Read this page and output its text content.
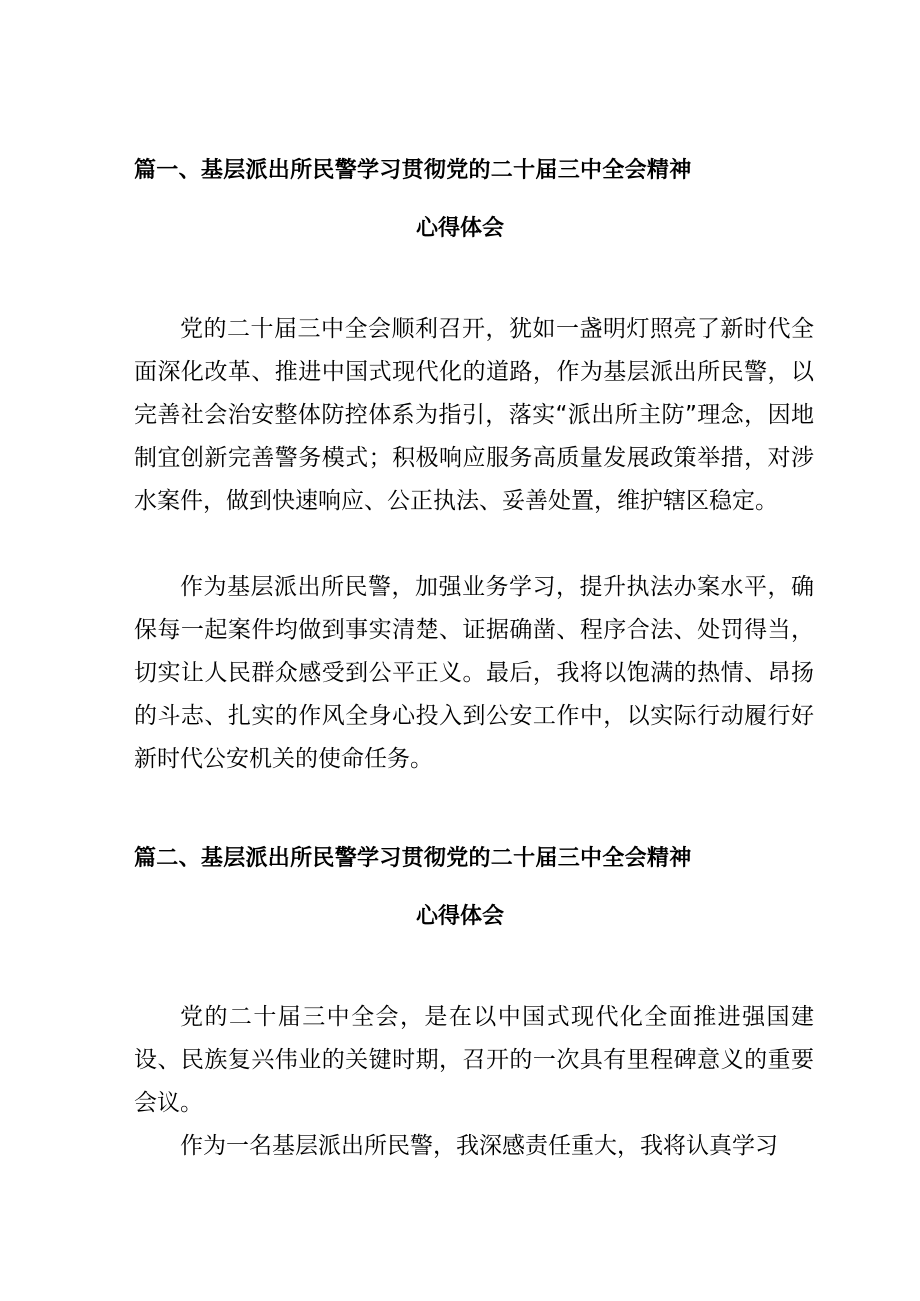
篇一、基层派出所民警学习贯彻党的二十届三中全会精神
心得体会

党的二十届三中全会顺利召开，犹如一盏明灯照亮了新时代全面深化改革、推进中国式现代化的道路，作为基层派出所民警，以完善社会治安整体防控体系为指引，落实“派出所主防”理念，因地制宜创新完善警务模式；积极响应服务高质量发展政策举措，对涉水案件，做到快速响应、公正执法、妥善处置，维护辖区稳定。

作为基层派出所民警，加强业务学习，提升执法办案水平，确保每一起案件均做到事实清楚、证据确凿、程序合法、处罚得当，切实让人民群众感受到公平正义。最后，我将以饱满的热情、昂扬的斗志、扎实的作风全身心投入到公安工作中，以实际行动履行好新时代公安机关的使命任务。

篇二、基层派出所民警学习贯彻党的二十届三中全会精神
心得体会

党的二十届三中全会，是在以中国式现代化全面推进强国建设、民族复兴伟业的关键时期，召开的一次具有里程碑意义的重要会议。

作为一名基层派出所民警，我深感责任重大，我将认真学习
